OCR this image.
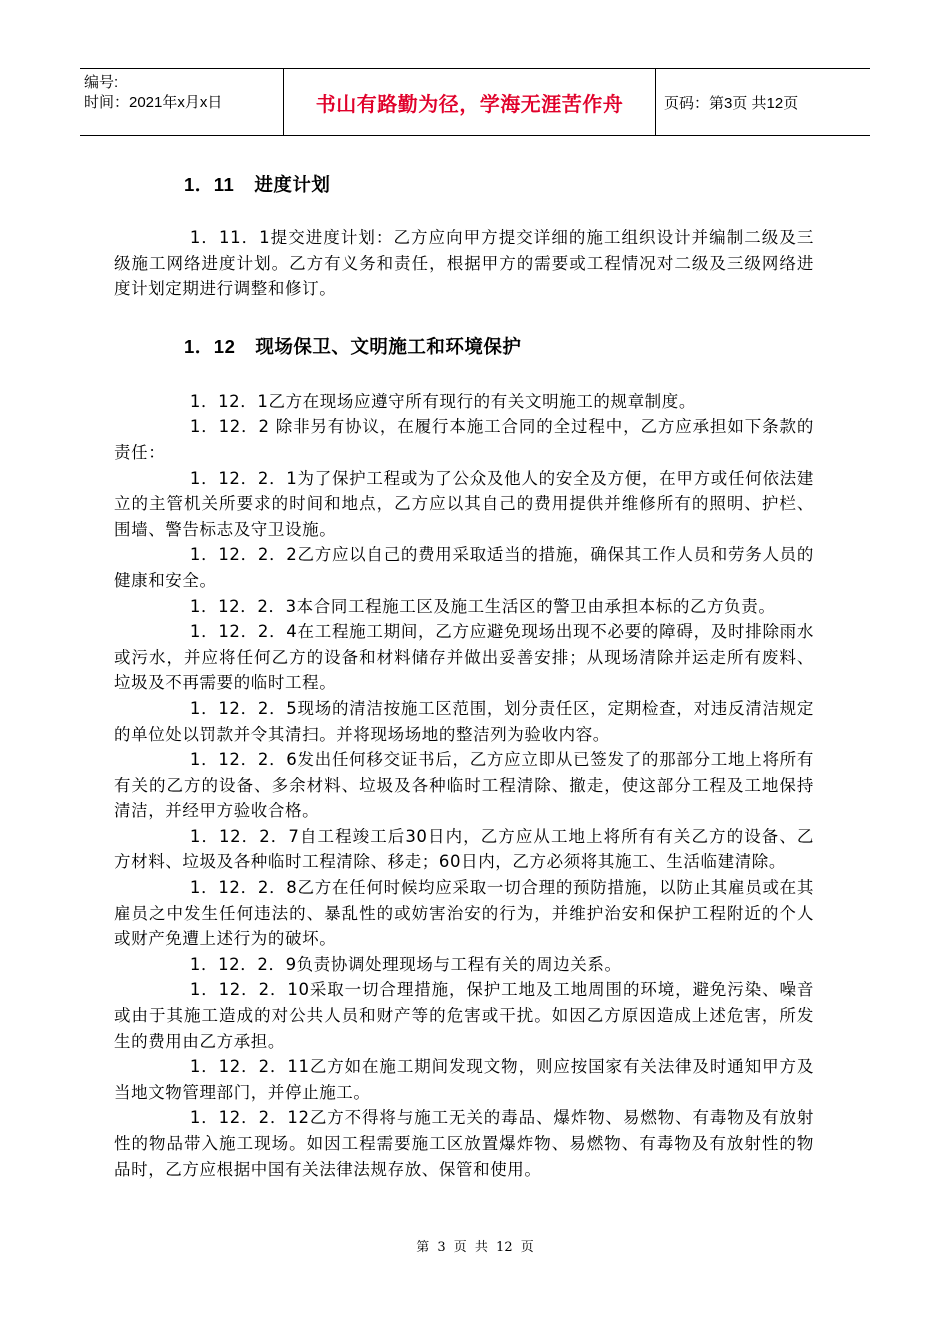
编号:
时间：2021年x月x日	书山有路勤为径，学海无涯苦作舟	页码：第3页 共12页
1．11 进度计划

1．11．1提交进度计划：乙方应向甲方提交详细的施工组织设计并编制二级及三级施工网络进度计划。乙方有义务和责任，根据甲方的需要或工程情况对二级及三级网络进度计划定期进行调整和修订。

1．12 现场保卫、文明施工和环境保护

1．12．1乙方在现场应遵守所有现行的有关文明施工的规章制度。

1．12．2 除非另有协议，在履行本施工合同的全过程中，乙方应承担如下条款的责任：

1．12．2．1为了保护工程或为了公众及他人的安全及方便，在甲方或任何依法建立的主管机关所要求的时间和地点，乙方应以其自己的费用提供并维修所有的照明、护栏、围墙、警告标志及守卫设施。

1．12．2．2乙方应以自己的费用采取适当的措施，确保其工作人员和劳务人员的健康和安全。

1．12．2．3本合同工程施工区及施工生活区的警卫由承担本标的乙方负责。

1．12．2．4在工程施工期间，乙方应避免现场出现不必要的障碍，及时排除雨水或污水，并应将任何乙方的设备和材料储存并做出妥善安排；从现场清除并运走所有废料、垃圾及不再需要的临时工程。

1．12．2．5现场的清洁按施工区范围，划分责任区，定期检查，对违反清洁规定的单位处以罚款并令其清扫。并将现场场地的整洁列为验收内容。

1．12．2．6发出任何移交证书后，乙方应立即从已签发了的那部分工地上将所有有关的乙方的设备、多余材料、垃圾及各种临时工程清除、撤走，使这部分工程及工地保持清洁，并经甲方验收合格。

1．12．2．7自工程竣工后30日内，乙方应从工地上将所有有关乙方的设备、乙方材料、垃圾及各种临时工程清除、移走；60日内，乙方必须将其施工、生活临建清除。

1．12．2．8乙方在任何时候均应采取一切合理的预防措施，以防止其雇员或在其雇员之中发生任何违法的、暴乱性的或妨害治安的行为，并维护治安和保护工程附近的个人或财产免遭上述行为的破坏。

1．12．2．9负责协调处理现场与工程有关的周边关系。

1．12．2．10采取一切合理措施，保护工地及工地周围的环境，避免污染、噪音或由于其施工造成的对公共人员和财产等的危害或干扰。如因乙方原因造成上述危害，所发生的费用由乙方承担。

1．12．2．11乙方如在施工期间发现文物，则应按国家有关法律及时通知甲方及当地文物管理部门，并停止施工。

1．12．2．12乙方不得将与施工无关的毒品、爆炸物、易燃物、有毒物及有放射性的物品带入施工现场。如因工程需要施工区放置爆炸物、易燃物、有毒物及有放射性的物品时，乙方应根据中国有关法律法规存放、保管和使用。

第 3 页 共 12 页
